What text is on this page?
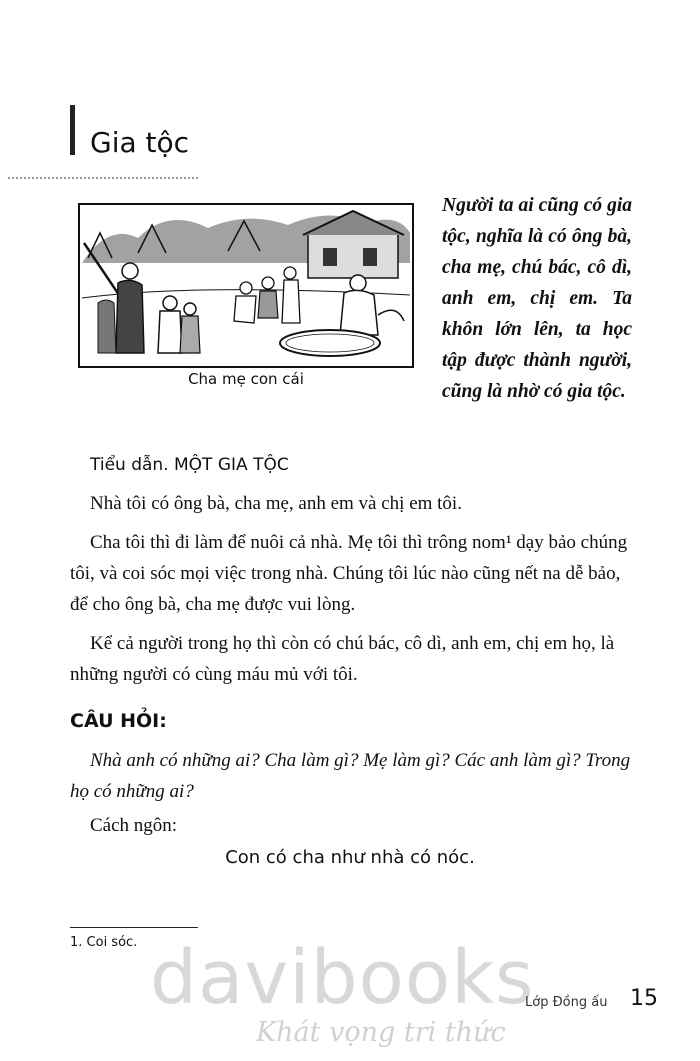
Gia tộc
Cha mẹ con cái

Người ta ai cũng có gia tộc, nghĩa là có ông bà, cha mẹ, chú bác, cô dì, anh em, chị em. Ta khôn lớn lên, ta học tập được thành người, cũng là nhờ có gia tộc.

Tiểu dẫn. MỘT GIA TỘC

Nhà tôi có ông bà, cha mẹ, anh em và chị em tôi.

Cha tôi thì đi làm để nuôi cả nhà. Mẹ tôi thì trông nom¹ dạy bảo chúng tôi, và coi sóc mọi việc trong nhà. Chúng tôi lúc nào cũng nết na dễ bảo, để cho ông bà, cha mẹ được vui lòng.

Kể cả người trong họ thì còn có chú bác, cô dì, anh em, chị em họ, là những người có cùng máu mủ với tôi.

CÂU HỎI:
Nhà anh có những ai? Cha làm gì? Mẹ làm gì? Các anh làm gì? Trong họ có những ai?
Cách ngôn:
Con có cha như nhà có nóc.
1. Coi sóc. davibooks
Khát vọng tri thức
Lớp Đồng ấu 15
